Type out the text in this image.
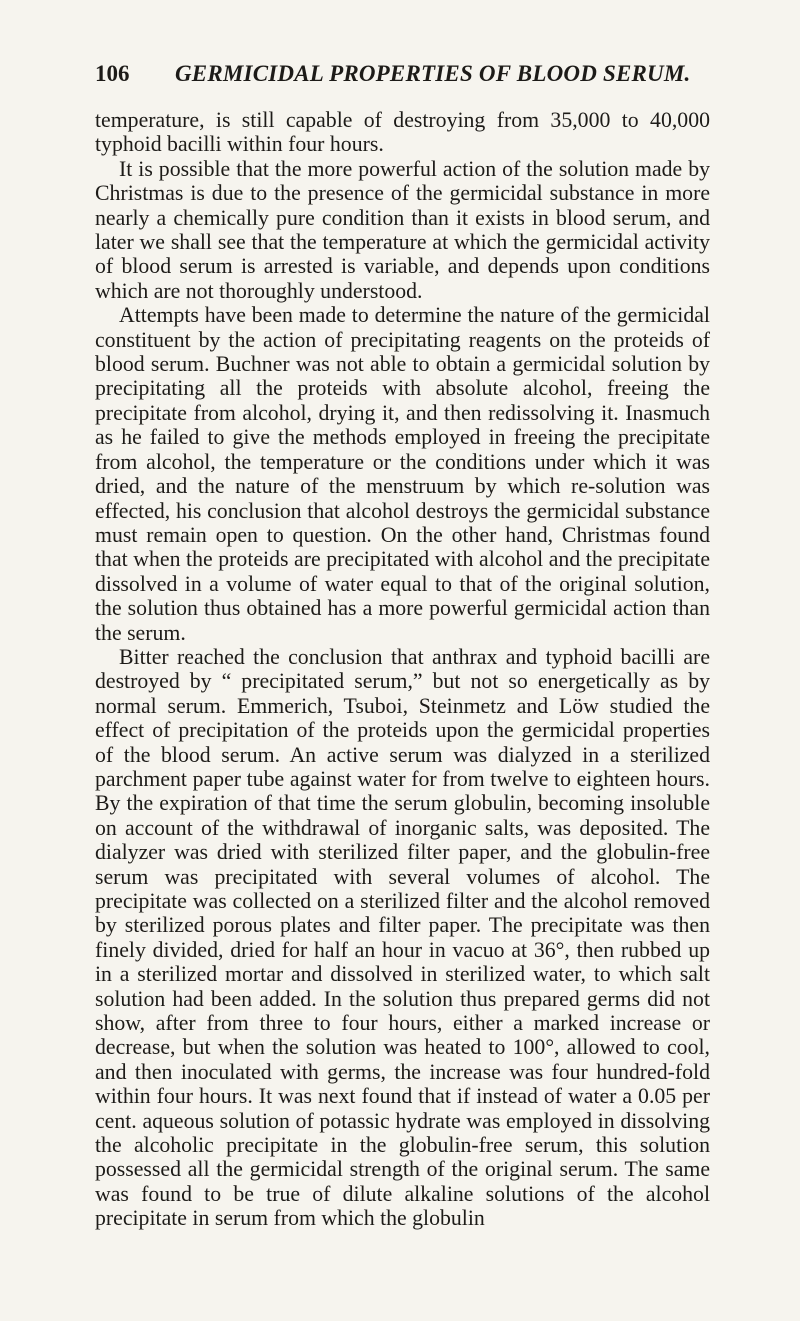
106 GERMICIDAL PROPERTIES OF BLOOD SERUM.

temperature, is still capable of destroying from 35,000 to 40,000 typhoid bacilli within four hours.

It is possible that the more powerful action of the solution made by Christmas is due to the presence of the germicidal substance in more nearly a chemically pure condition than it exists in blood serum, and later we shall see that the temperature at which the germicidal activity of blood serum is arrested is variable, and depends upon conditions which are not thoroughly understood.

Attempts have been made to determine the nature of the germicidal constituent by the action of precipitating reagents on the proteids of blood serum. Buchner was not able to obtain a germicidal solution by precipitating all the proteids with absolute alcohol, freeing the precipitate from alcohol, drying it, and then redissolving it. Inasmuch as he failed to give the methods employed in freeing the precipitate from alcohol, the temperature or the conditions under which it was dried, and the nature of the menstruum by which re-solution was effected, his conclusion that alcohol destroys the germicidal substance must remain open to question. On the other hand, Christmas found that when the proteids are precipitated with alcohol and the precipitate dissolved in a volume of water equal to that of the original solution, the solution thus obtained has a more powerful germicidal action than the serum.

Bitter reached the conclusion that anthrax and typhoid bacilli are destroyed by “ precipitated serum,” but not so energetically as by normal serum. Emmerich, Tsuboi, Steinmetz and Löw studied the effect of precipitation of the proteids upon the germicidal properties of the blood serum. An active serum was dialyzed in a sterilized parchment paper tube against water for from twelve to eighteen hours. By the expiration of that time the serum globulin, becoming insoluble on account of the withdrawal of inorganic salts, was deposited. The dialyzer was dried with sterilized filter paper, and the globulin-free serum was precipitated with several volumes of alcohol. The precipitate was collected on a sterilized filter and the alcohol removed by sterilized porous plates and filter paper. The precipitate was then finely divided, dried for half an hour in vacuo at 36°, then rubbed up in a sterilized mortar and dissolved in sterilized water, to which salt solution had been added. In the solution thus prepared germs did not show, after from three to four hours, either a marked increase or decrease, but when the solution was heated to 100°, allowed to cool, and then inoculated with germs, the increase was four hundred-fold within four hours. It was next found that if instead of water a 0.05 per cent. aqueous solution of potassic hydrate was employed in dissolving the alcoholic precipitate in the globulin-free serum, this solution possessed all the germicidal strength of the original serum. The same was found to be true of dilute alkaline solutions of the alcohol precipitate in serum from which the globulin
